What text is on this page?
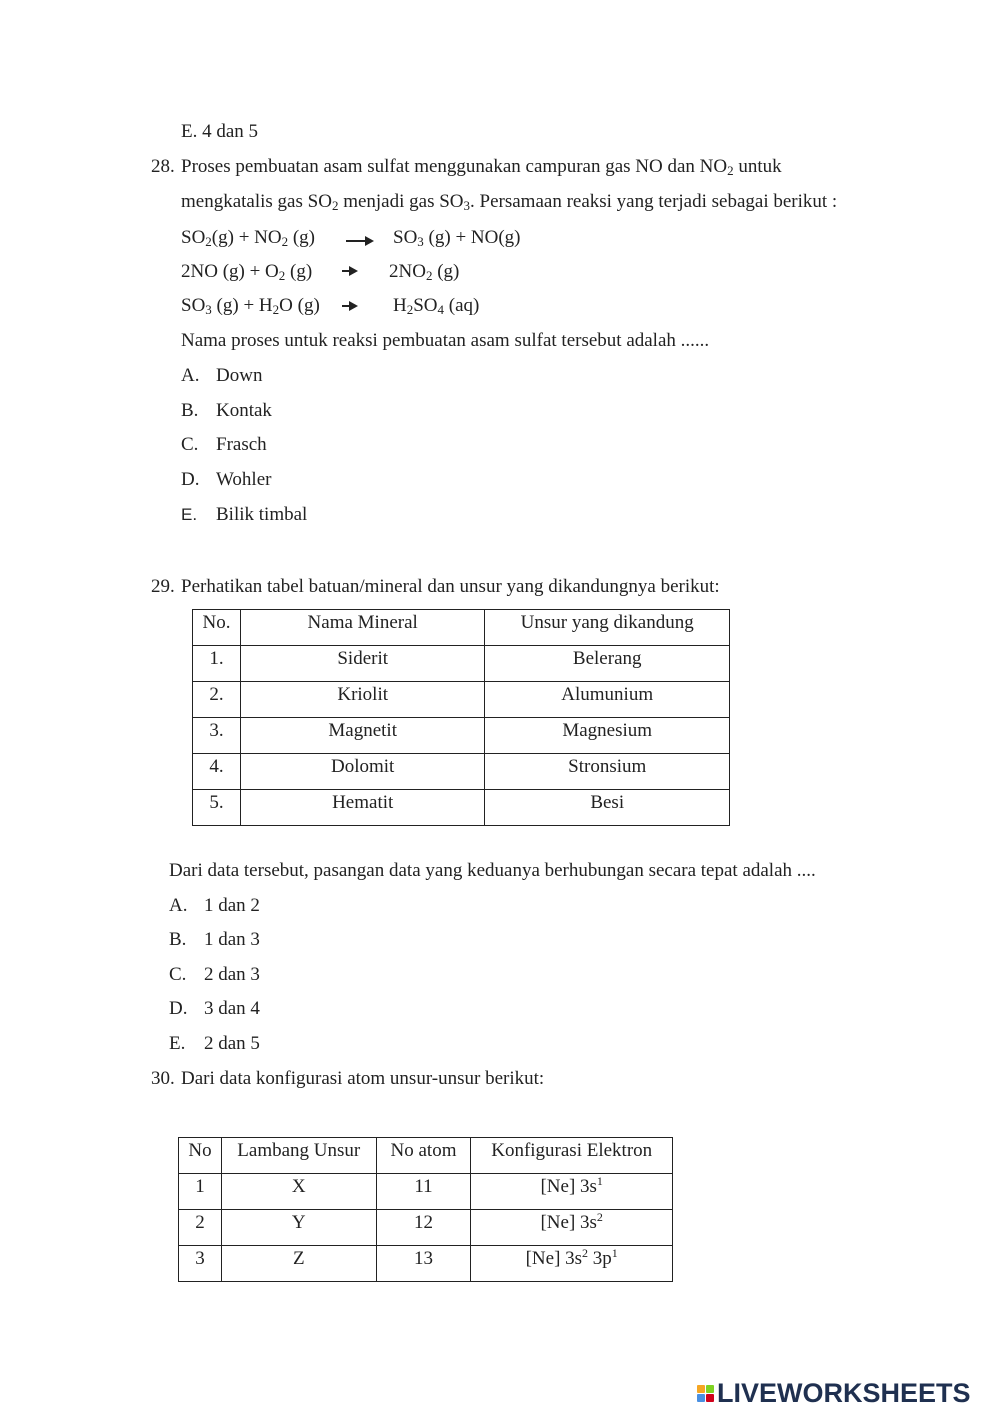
E. 4 dan 5
28. Proses pembuatan asam sulfat menggunakan campuran gas NO dan $NO_2$ untuk
mengkatalis gas $SO_2$ menjadi gas $SO_3$. Persamaan reaksi yang terjadi sebagai berikut :
$SO_2(g) + NO_2$ $(g) \to SO_3$ (g) + NO(g)
2NO $(g) + O_2$ (g)	$2NO_2$ (g)
$SO_3$ $(g) + H_2O$ (g)	$H_2SO_4$ (aq)
Nama proses untuk reaksi pembuatan asam sulfat tersebut adalah ......
A. Down
B. Kontak
C. Frasch
D. Wohler
E. Bilik timbal
29. Perhatikan tabel batuan/mineral dan unsur yang dikandungnya berikut:
No.	Nama Mineral	Unsur yang dikandung
1.	Siderit	Belerang
2.	Kriolit	Alumunium
3.	Magnetit	Magnesium
4.	Dolomit	Stronsium
5.	Hematit	Besi
Dari data tersebut, pasangan data yang keduanya berhubungan secara tepat adalah ....
A. 1 dan 2
B. 1 dan 3
C. 2 dan 3
D. 3 dan 4
E. 2 dan 5
30. Dari data konfigurasi atom unsur-unsur berikut:
No	Lambang Unsur	No atom	Konfigurasi Elektron
1	X	11	[Ne] $3s^1$
2	Y	12	[Ne] $3s^2$
3	Z	13	[Ne] $3s^2$ $3p^1$
LIVEWORKSHEETS
